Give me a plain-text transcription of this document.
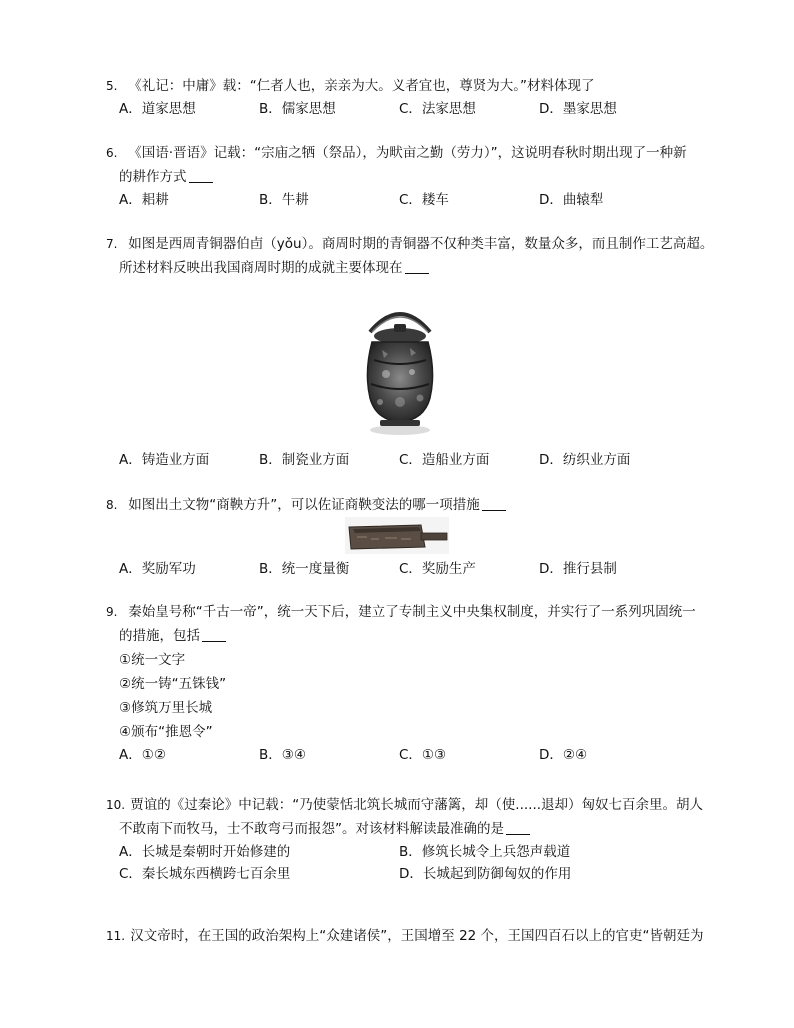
5. 《礼记：中庸》载：“仁者人也，亲亲为大。义者宜也，尊贤为大。”材料体现了
A．道家思想	B．儒家思想	C．法家思想	D．墨家思想
6. 《国语·晋语》记载：“宗庙之牺（祭品），为畎亩之勤（劳力）”，这说明春秋时期出现了一种新
的耕作方式
A．耜耕	B．牛耕	C．耧车	D．曲辕犁
7. 如图是西周青铜器伯卣（yǒu）。商周时期的青铜器不仅种类丰富，数量众多，而且制作工艺高超。
所述材料反映出我国商周时期的成就主要体现在
A．铸造业方面	B．制瓷业方面	C．造船业方面	D．纺织业方面
8. 如图出土文物“商鞅方升”，可以佐证商鞅变法的哪一项措施
A．奖励军功	B．统一度量衡	C．奖励生产	D．推行县制
9. 秦始皇号称“千古一帝”，统一天下后，建立了专制主义中央集权制度，并实行了一系列巩固统一
的措施，包括
①统一文字
②统一铸“五铢钱”
③修筑万里长城
④颁布“推恩令”
A．①②	B．③④	C．①③	D．②④
10. 贾谊的《过秦论》中记载：“乃使蒙恬北筑长城而守藩篱，却（使......退却）匈奴七百余里。胡人
不敢南下而牧马，士不敢弯弓而报怨”。对该材料解读最准确的是
A．长城是秦朝时开始修建的	B．修筑长城令上兵怨声载道
C．秦长城东西横跨七百余里	D．长城起到防御匈奴的作用
11. 汉文帝时，在王国的政治架构上“众建诸侯”，王国增至 22 个，王国四百石以上的官吏“皆朝廷为
